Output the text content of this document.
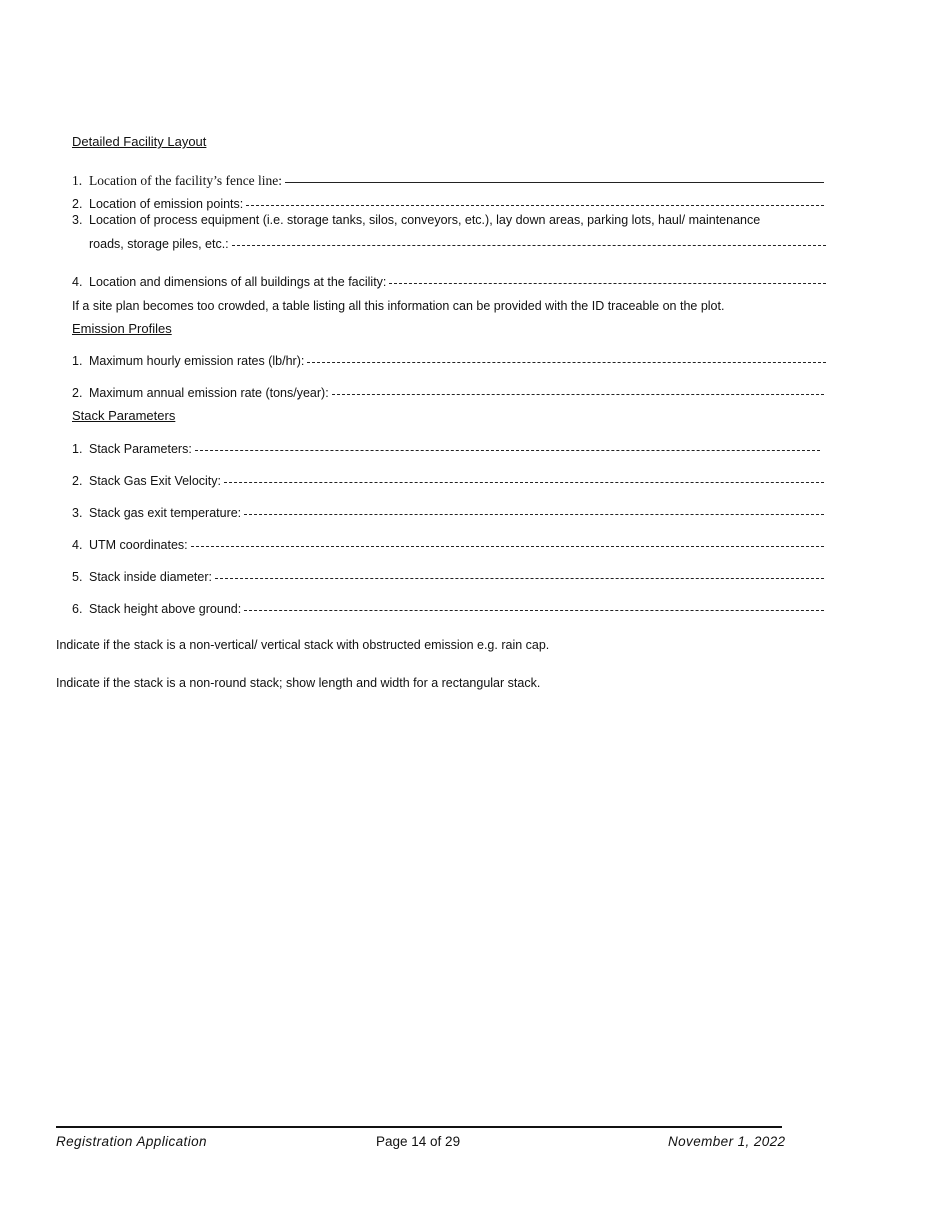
Detailed Facility Layout
1. Location of the facility’s fence line:
2. Location of emission points:
3. Location of process equipment (i.e. storage tanks, silos, conveyors, etc.), lay down areas, parking lots, haul/ maintenance
roads, storage piles, etc.:
4. Location and dimensions of all buildings at the facility:
If a site plan becomes too crowded, a table listing all this information can be provided with the ID traceable on the plot.
Emission Profiles
1. Maximum hourly emission rates (lb/hr):
2. Maximum annual emission rate (tons/year):
Stack Parameters
1. Stack Parameters:
2. Stack Gas Exit Velocity:
3. Stack gas exit temperature:
4. UTM coordinates:
5. Stack inside diameter:
6. Stack height above ground:
Indicate if the stack is a non-vertical/ vertical stack with obstructed emission e.g. rain cap.
Indicate if the stack is a non-round stack; show length and width for a rectangular stack.
Registration Application	Page 14 of 29	November 1, 2022
